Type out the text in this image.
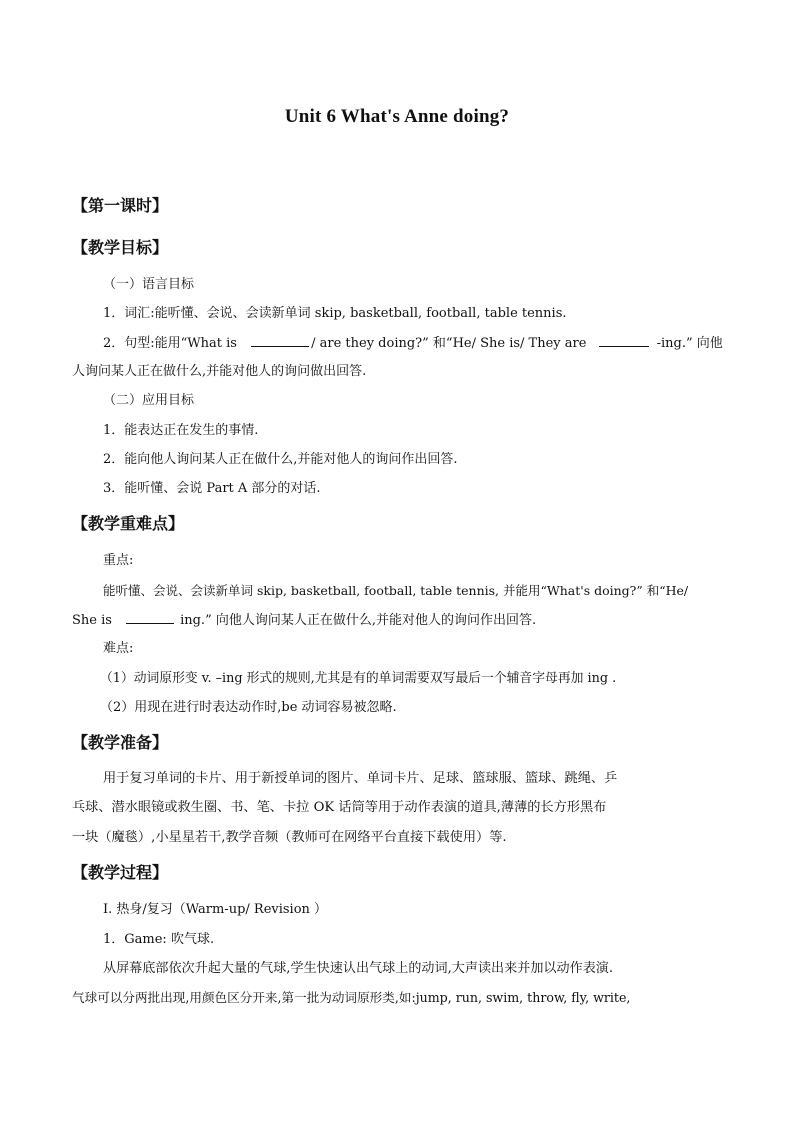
Unit 6 What's Anne doing?
【第一课时】
【教学目标】
（一）语言目标
1．词汇:能听懂、会说、会读新单词 skip, basketball, football, table tennis.
2．句型:能用“What is	/ are they doing?” 和“He/ She is/ They are	-ing.” 向他
人询问某人正在做什么,并能对他人的询问做出回答.
（二）应用目标
1．能表达正在发生的事情.
2．能向他人询问某人正在做什么,并能对他人的询问作出回答.
3．能听懂、会说 Part A 部分的对话.
【教学重难点】
重点:
能听懂、会说、会读新单词 skip, basketball, football, table tennis, 并能用“What's doing?” 和“He/
She is	ing.” 向他人询问某人正在做什么,并能对他人的询问作出回答.
难点:
（1）动词原形变 v. –ing 形式的规则,尤其是有的单词需要双写最后一个辅音字母再加 ing .
（2）用现在进行时表达动作时,be 动词容易被忽略.
【教学准备】
用于复习单词的卡片、用于新授单词的图片、单词卡片、足球、篮球服、篮球、跳绳、乒
乓球、潜水眼镜或救生圈、书、笔、卡拉 OK 话筒等用于动作表演的道具,薄薄的长方形黑布
一块（魔毯）,小星星若干,教学音频（教师可在网络平台直接下载使用）等.
【教学过程】
I. 热身/复习（Warm-up/ Revision ）
1．Game: 吹气球.
从屏幕底部依次升起大量的气球,学生快速认出气球上的动词,大声读出来并加以动作表演.
气球可以分两批出现,用颜色区分开来,第一批为动词原形类,如:jump, run, swim, throw, fly, write,
